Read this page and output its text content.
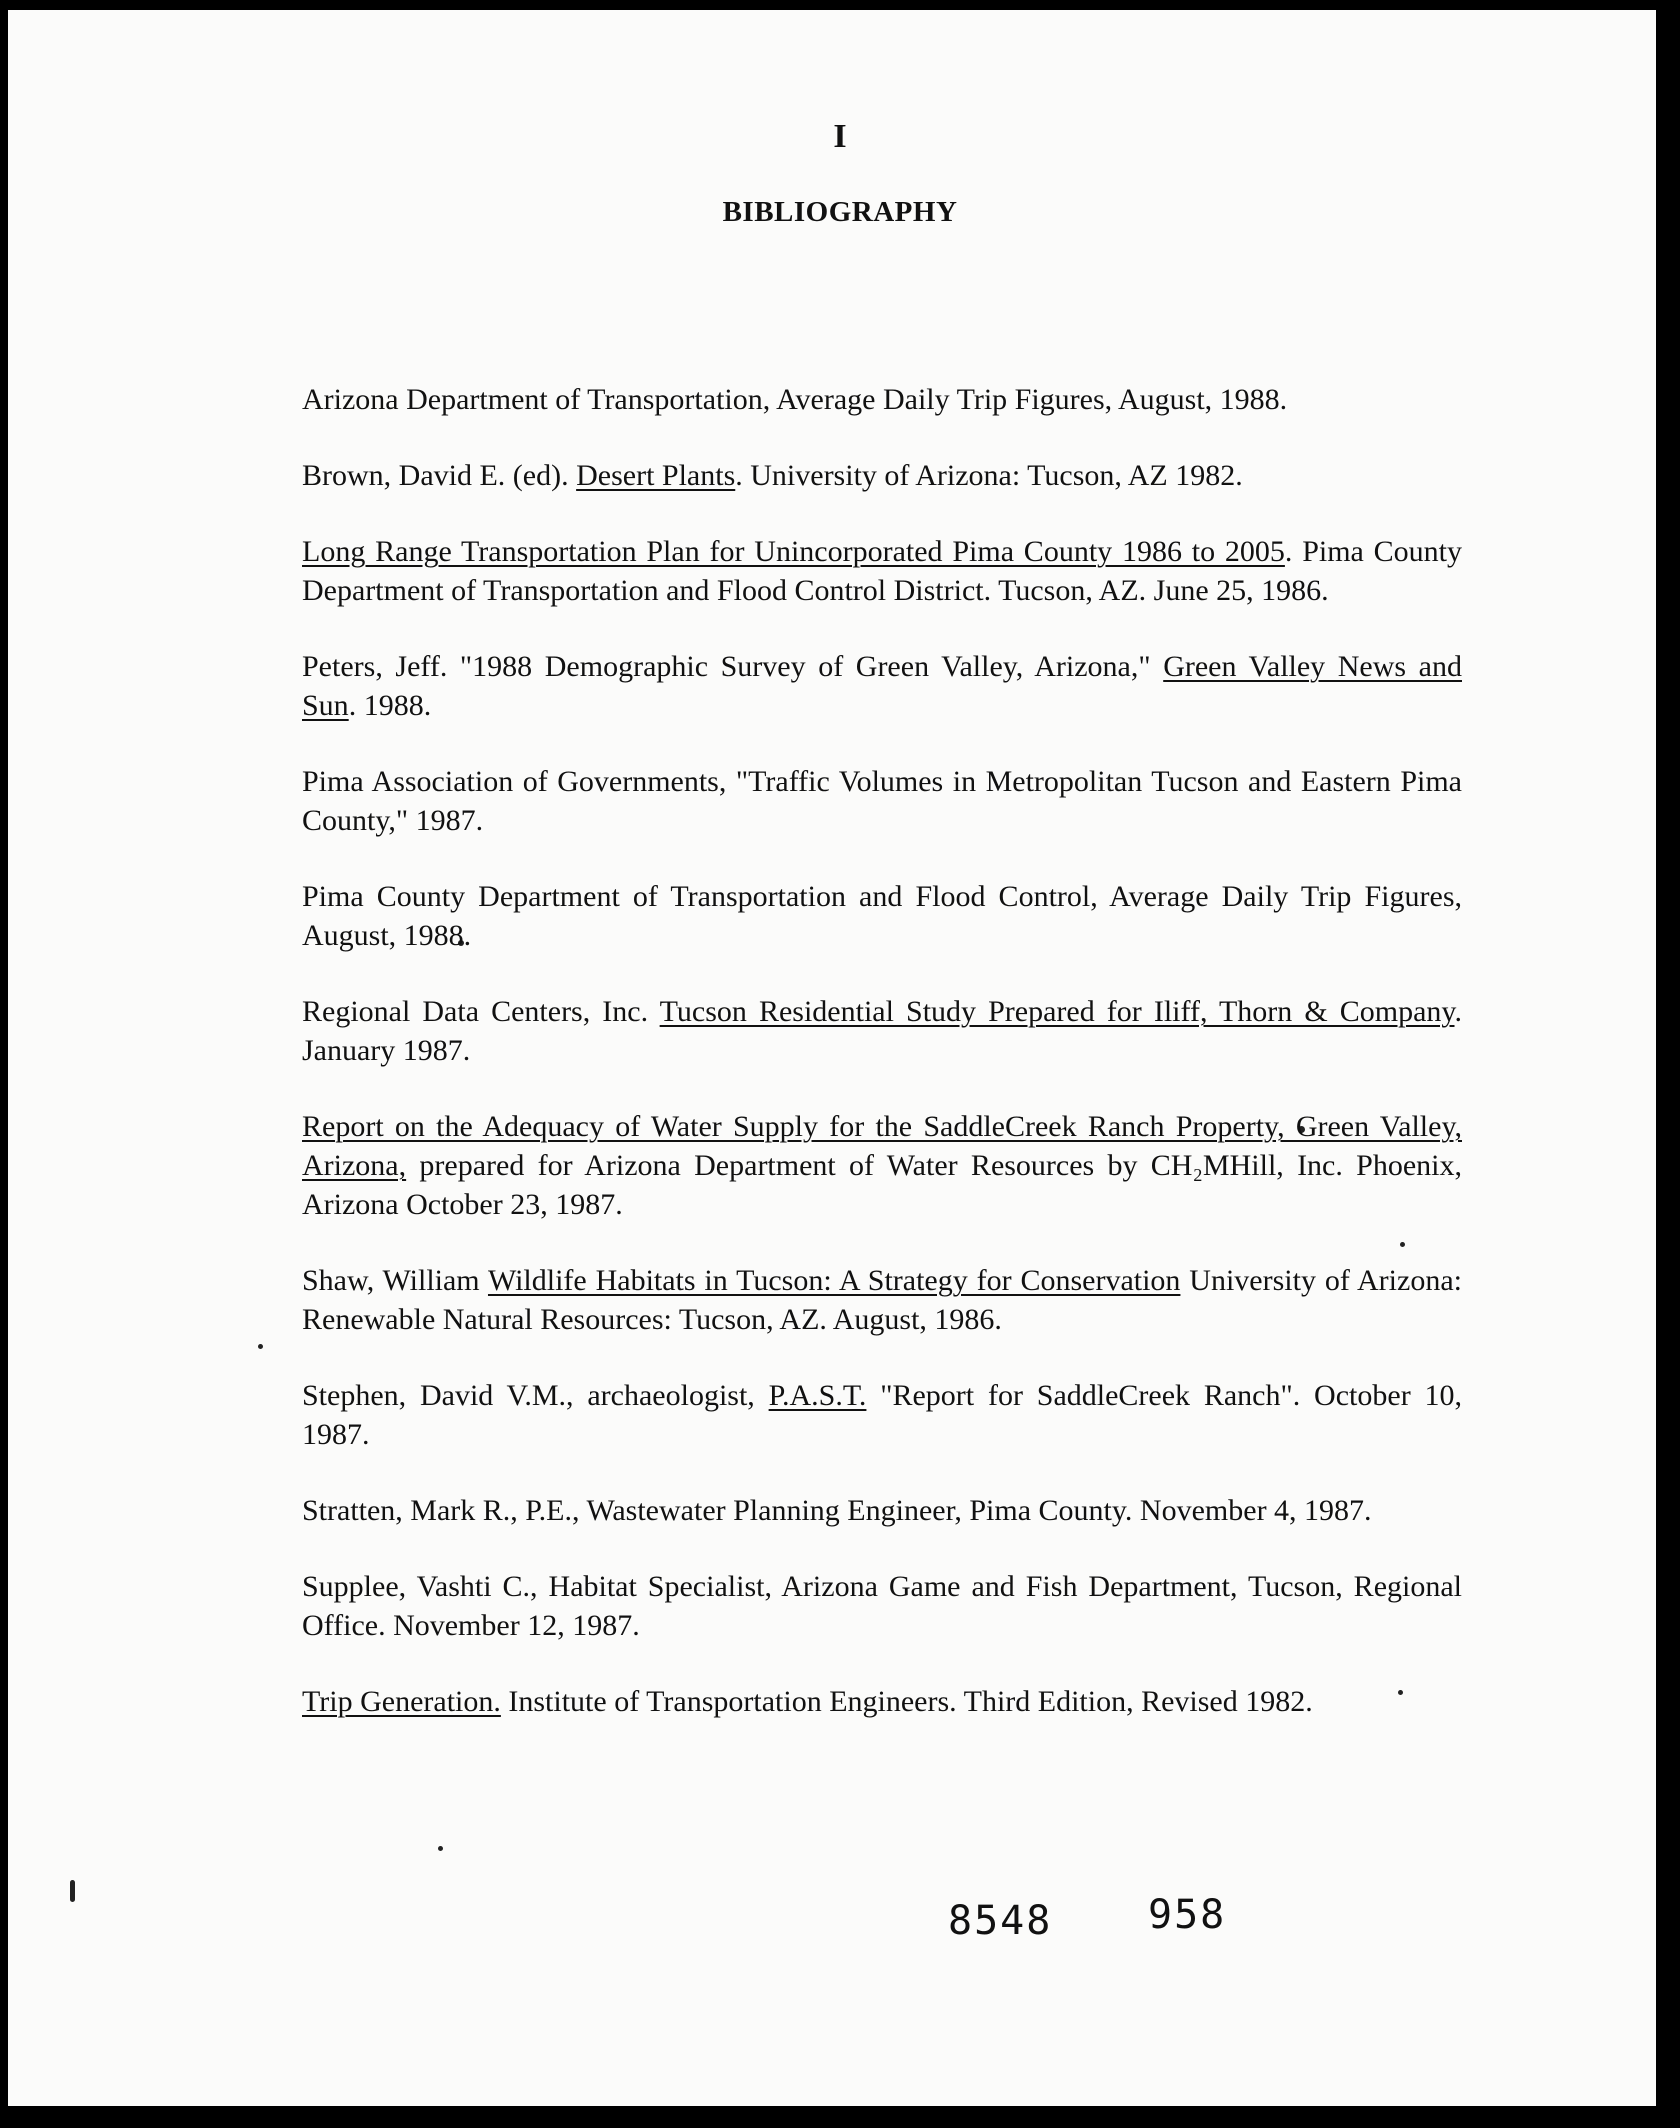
I
BIBLIOGRAPHY

Arizona Department of Transportation, Average Daily Trip Figures, August, 1988.

Brown, David E. (ed). Desert Plants. University of Arizona: Tucson, AZ 1982.

Long Range Transportation Plan for Unincorporated Pima County 1986 to 2005. Pima County Department of Transportation and Flood Control District. Tucson, AZ. June 25, 1986.

Peters, Jeff. "1988 Demographic Survey of Green Valley, Arizona," Green Valley News and Sun. 1988.

Pima Association of Governments, "Traffic Volumes in Metropolitan Tucson and Eastern Pima County," 1987.

Pima County Department of Transportation and Flood Control, Average Daily Trip Figures, August, 1988.

Regional Data Centers, Inc. Tucson Residential Study Prepared for Iliff, Thorn & Company. January 1987.

Report on the Adequacy of Water Supply for the SaddleCreek Ranch Property, Green Valley, Arizona, prepared for Arizona Department of Water Resources by CH₂MHill, Inc. Phoenix, Arizona October 23, 1987.

Shaw, William Wildlife Habitats in Tucson: A Strategy for Conservation University of Arizona: Renewable Natural Resources: Tucson, AZ. August, 1986.

Stephen, David V.M., archaeologist, P.A.S.T. "Report for SaddleCreek Ranch". October 10, 1987.

Stratten, Mark R., P.E., Wastewater Planning Engineer, Pima County. November 4, 1987.

Supplee, Vashti C., Habitat Specialist, Arizona Game and Fish Department, Tucson, Regional Office. November 12, 1987.

Trip Generation. Institute of Transportation Engineers. Third Edition, Revised 1982.

8548 958
